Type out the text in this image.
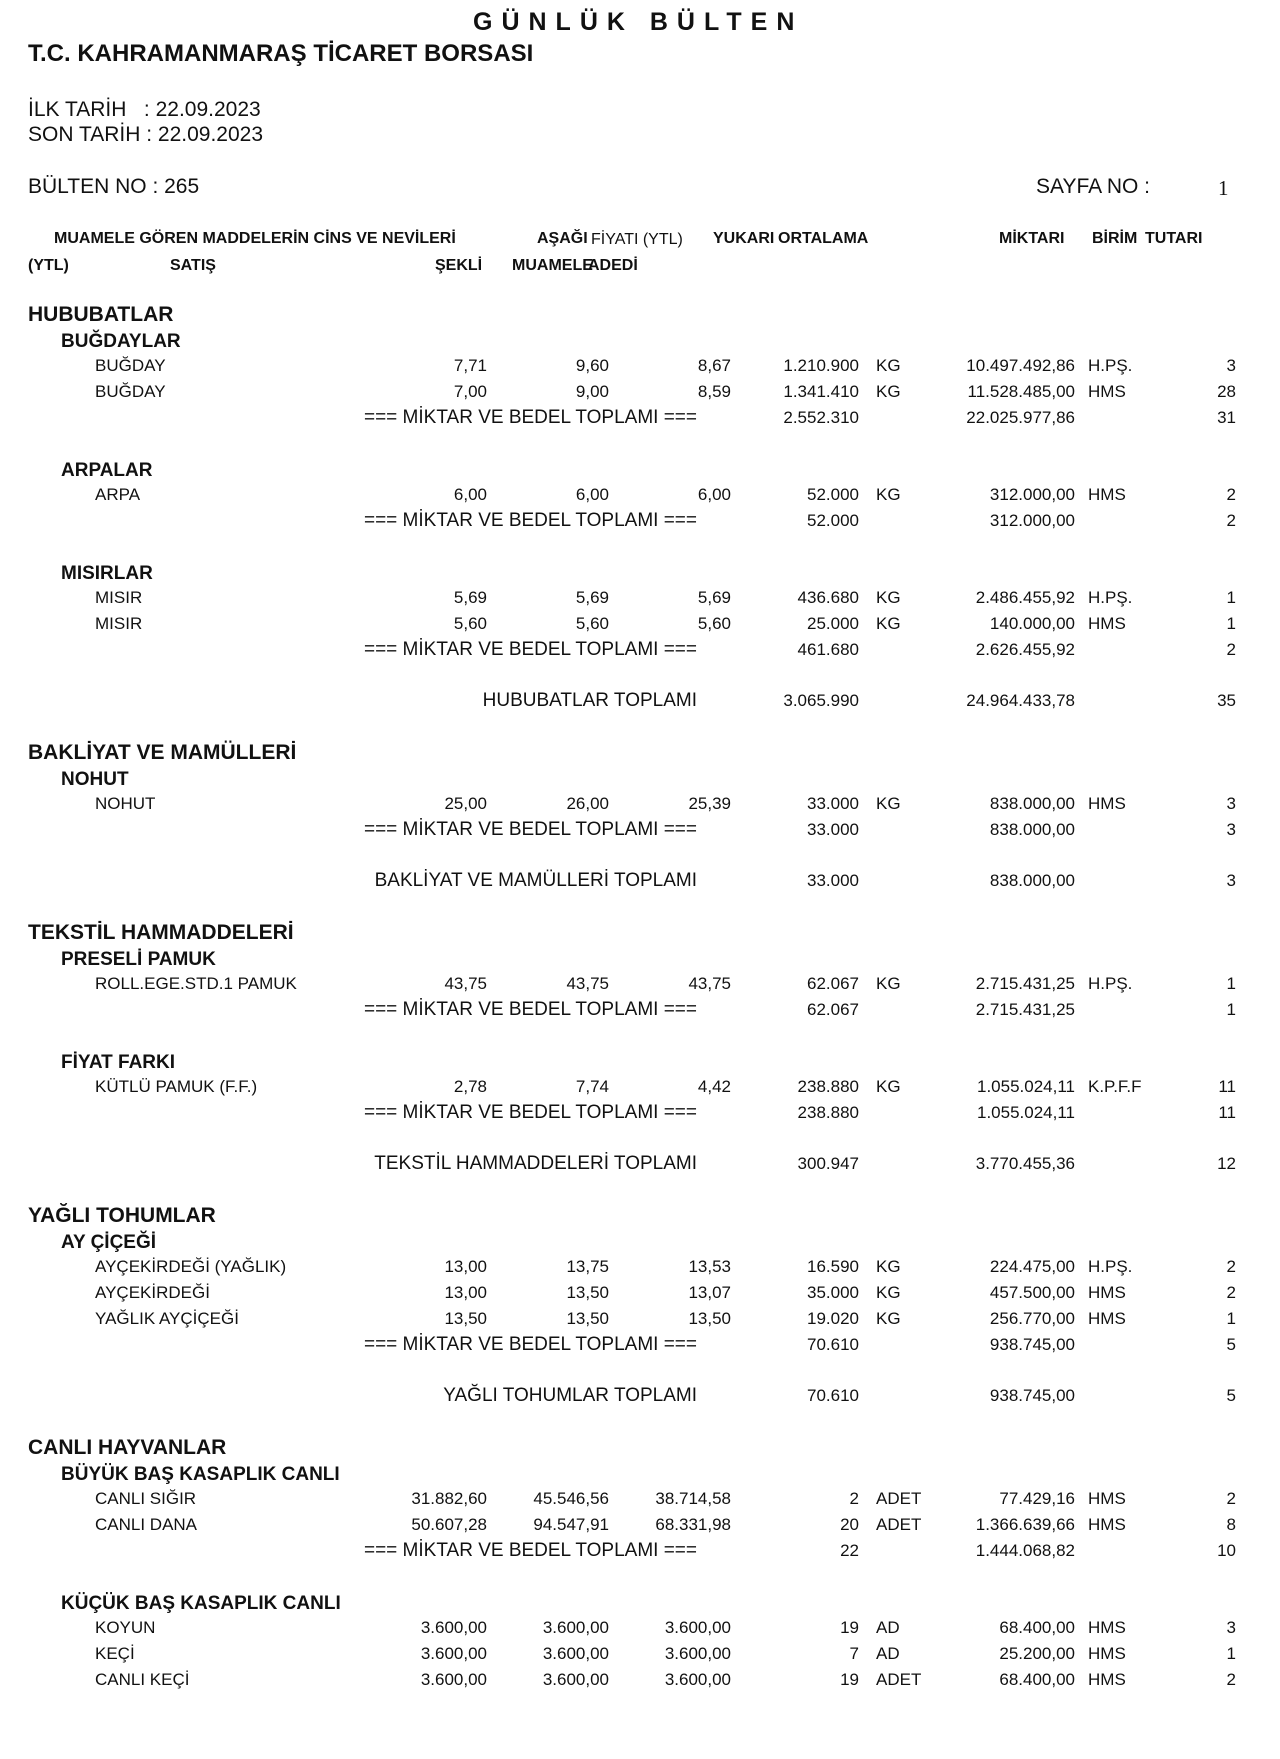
GÜNLÜK BÜLTEN
T.C. KAHRAMANMARAŞ TİCARET BORSASI
İLK TARİH   : 22.09.2023
SON TARİH : 22.09.2023
BÜLTEN NO : 265	SAYFA NO :	1
MUAMELE GÖREN MADDELERİN CİNS VE NEVİLERİ	AŞAĞI FİYATI (YTL) YUKARI ORTALAMA	MİKTARI BİRİM TUTARI
(YTL)	SATIŞ	ŞEKLİ MUAMELE
ADEDİ
HUBUBATLAR
BUĞDAYLAR
BUĞDAY	7,71	9,60	8,67	1.210.900 KG	10.497.492,86 H.PŞ.	3
BUĞDAY	7,00	9,00	8,59	1.341.410 KG	11.528.485,00 HMS	28
=== MİKTAR VE BEDEL TOPLAMI ===	2.552.310	22.025.977,86	31
ARPALAR
ARPA	6,00	6,00	6,00	52.000 KG	312.000,00 HMS	2
=== MİKTAR VE BEDEL TOPLAMI ===	52.000	312.000,00	2
MISIRLAR
MISIR	5,69	5,69	5,69	436.680 KG	2.486.455,92 H.PŞ.	1
MISIR	5,60	5,60	5,60	25.000 KG	140.000,00 HMS	1
=== MİKTAR VE BEDEL TOPLAMI ===	461.680	2.626.455,92	2
HUBUBATLAR TOPLAMI	3.065.990	24.964.433,78	35
BAKLİYAT VE MAMÜLLERİ
NOHUT
NOHUT	25,00	26,00	25,39	33.000 KG	838.000,00 HMS	3
=== MİKTAR VE BEDEL TOPLAMI ===	33.000	838.000,00	3
BAKLİYAT VE MAMÜLLERİ TOPLAMI	33.000	838.000,00	3
TEKSTİL HAMMADDELERİ
PRESELİ PAMUK
ROLL.EGE.STD.1 PAMUK	43,75	43,75	43,75	62.067 KG	2.715.431,25 H.PŞ.	1
=== MİKTAR VE BEDEL TOPLAMI ===	62.067	2.715.431,25	1
FİYAT FARKI
KÜTLÜ PAMUK (F.F.)	2,78	7,74	4,42	238.880 KG	1.055.024,11 K.P.F.F	11
=== MİKTAR VE BEDEL TOPLAMI ===	238.880	1.055.024,11	11
TEKSTİL HAMMADDELERİ TOPLAMI	300.947	3.770.455,36	12
YAĞLI TOHUMLAR
AY ÇİÇEĞİ
AYÇEKİRDEĞİ (YAĞLIK)	13,00	13,75	13,53	16.590 KG	224.475,00 H.PŞ.	2
AYÇEKİRDEĞİ	13,00	13,50	13,07	35.000 KG	457.500,00 HMS	2
YAĞLIK AYÇİÇEĞİ	13,50	13,50	13,50	19.020 KG	256.770,00 HMS	1
=== MİKTAR VE BEDEL TOPLAMI ===	70.610	938.745,00	5
YAĞLI TOHUMLAR TOPLAMI	70.610	938.745,00	5
CANLI HAYVANLAR
BÜYÜK BAŞ KASAPLIK CANLI
CANLI SIĞIR	31.882,60	45.546,56	38.714,58	2 ADET	77.429,16 HMS	2
CANLI DANA	50.607,28	94.547,91	68.331,98	20 ADET	1.366.639,66 HMS	8
=== MİKTAR VE BEDEL TOPLAMI ===	22	1.444.068,82	10
KÜÇÜK BAŞ KASAPLIK CANLI
KOYUN	3.600,00	3.600,00	3.600,00	19 AD	68.400,00 HMS	3
KEÇİ	3.600,00	3.600,00	3.600,00	7 AD	25.200,00 HMS	1
CANLI KEÇİ	3.600,00	3.600,00	3.600,00	19 ADET	68.400,00 HMS	2
